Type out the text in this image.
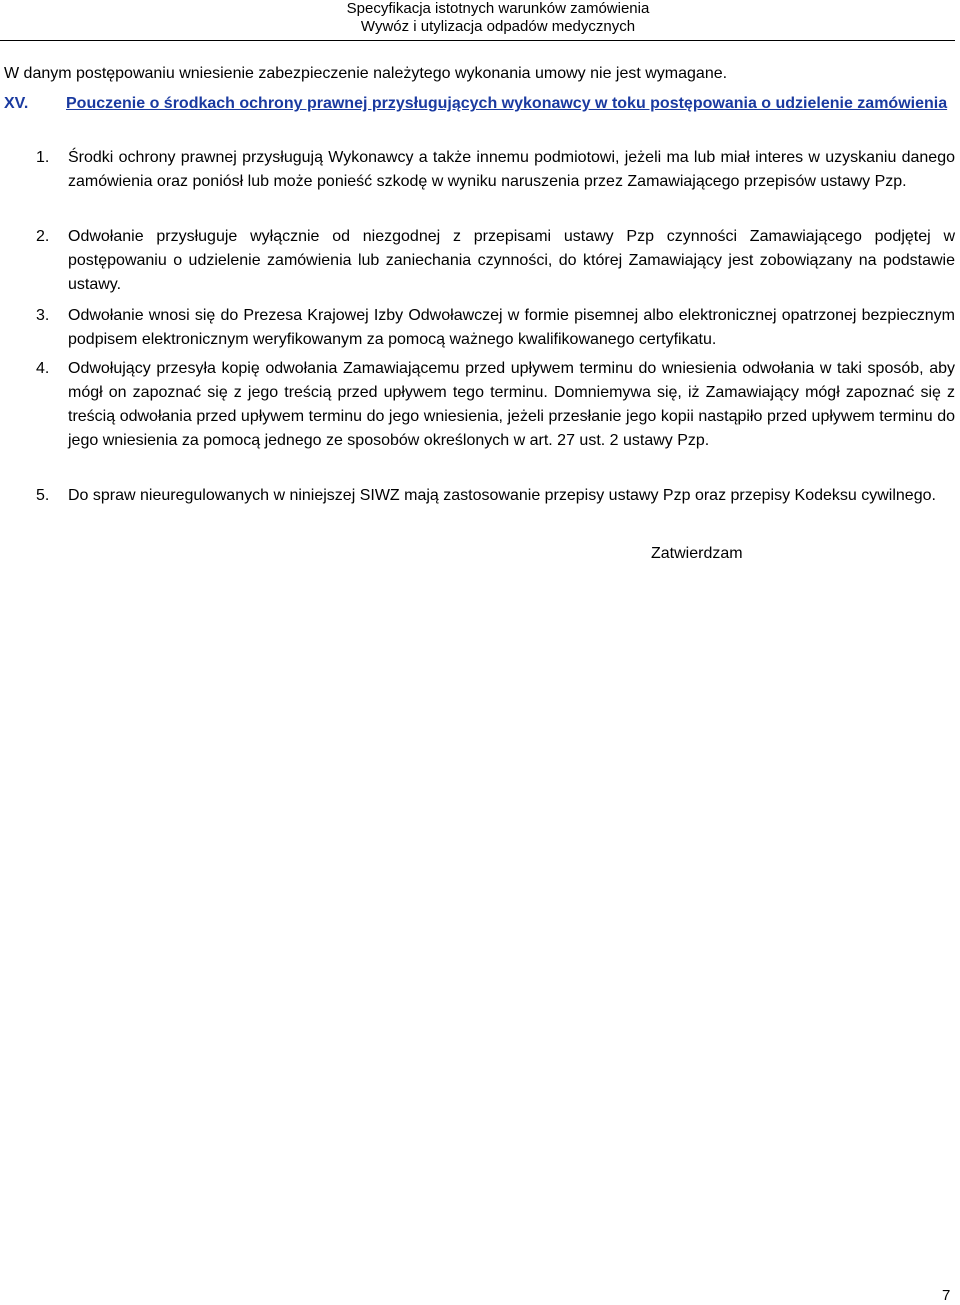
Specyfikacja istotnych warunków zamówienia
Wywóz i utylizacja odpadów medycznych
W danym postępowaniu wniesienie zabezpieczenie należytego wykonania umowy nie jest wymagane.
XV. Pouczenie o środkach ochrony prawnej przysługujących wykonawcy w toku postępowania o udzielenie zamówienia
1. Środki ochrony prawnej przysługują Wykonawcy a także innemu podmiotowi, jeżeli ma lub miał interes w uzyskaniu danego zamówienia oraz poniósł lub może ponieść szkodę w wyniku naruszenia przez Zamawiającego przepisów ustawy Pzp.
2. Odwołanie przysługuje wyłącznie od niezgodnej z przepisami ustawy Pzp czynności Zamawiającego podjętej w postępowaniu o udzielenie zamówienia lub zaniechania czynności, do której Zamawiający jest zobowiązany na podstawie ustawy.
3. Odwołanie wnosi się do Prezesa Krajowej Izby Odwoławczej w formie pisemnej albo elektronicznej opatrzonej bezpiecznym podpisem elektronicznym weryfikowanym za pomocą ważnego kwalifikowanego certyfikatu.
4. Odwołujący przesyła kopię odwołania Zamawiającemu przed upływem terminu do wniesienia odwołania w taki sposób, aby mógł on zapoznać się z jego treścią przed upływem tego terminu. Domniemywa się, iż Zamawiający mógł zapoznać się z treścią odwołania przed upływem terminu do jego wniesienia, jeżeli przesłanie jego kopii nastąpiło przed upływem terminu do jego wniesienia za pomocą jednego ze sposobów określonych w art. 27 ust. 2 ustawy Pzp.
5. Do spraw nieuregulowanych w niniejszej SIWZ mają zastosowanie przepisy ustawy Pzp oraz przepisy Kodeksu cywilnego.
Zatwierdzam
7
